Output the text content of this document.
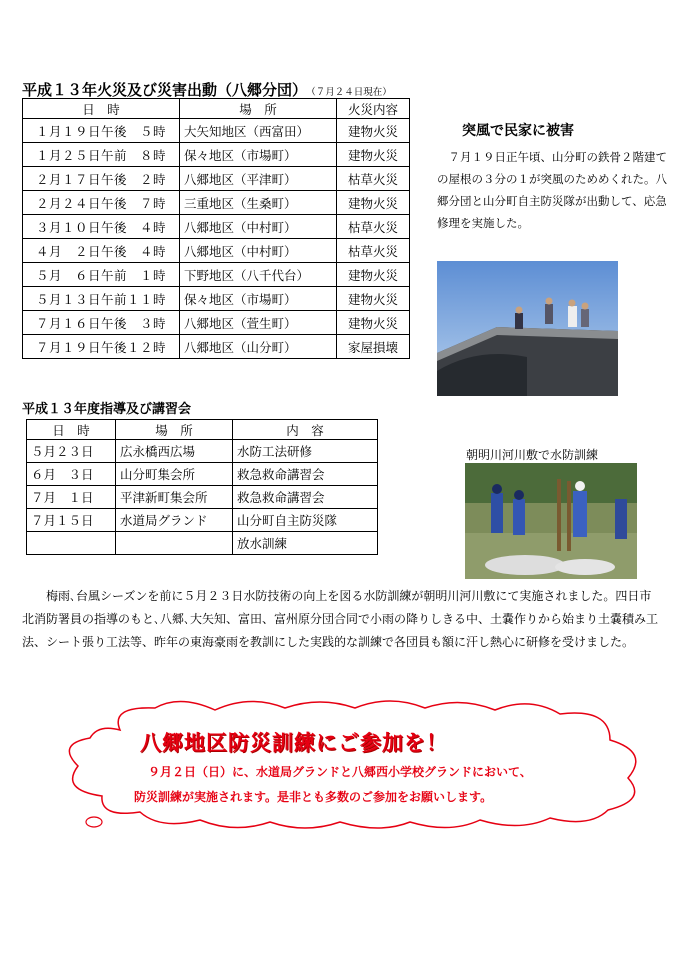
平成１３年火災及び災害出動（八郷分団） （７月２４日現在）
日　時	場　所	火災内容
１月１９日午後　５時	大矢知地区（西富田）	建物火災
１月２５日午前　８時	保々地区（市場町）	建物火災
２月１７日午後　２時	八郷地区（平津町）	枯草火災
２月２４日午後　７時	三重地区（生桑町）	建物火災
３月１０日午後　４時	八郷地区（中村町）	枯草火災
４月　２日午後　４時	八郷地区（中村町）	枯草火災
５月　６日午前　１時	下野地区（八千代台）	建物火災
５月１３日午前１１時	保々地区（市場町）	建物火災
７月１６日午後　３時	八郷地区（萱生町）	建物火災
７月１９日午後１２時	八郷地区（山分町）	家屋損壊
平成１３年度指導及び講習会
日　時	場　所	内　容
５月２３日	広永橋西広場	水防工法研修
６月　３日	山分町集会所	救急救命講習会
７月　１日	平津新町集会所	救急救命講習会
７月１５日	水道局グランド	山分町自主防災隊
		放水訓練
突風で民家に被害
　７月１９日正午頃、山分町の鉄骨２階建ての屋根の３分の１が突風のためめくれた。八郷分団と山分町自主防災隊が出動して、応急修理を実施した。
朝明川河川敷で水防訓練
　　梅雨､台風シーズンを前に５月２３日水防技術の向上を図る水防訓練が朝明川河川敷にて実施されました。四日市北消防署員の指導のもと､八郷､大矢知、富田、富州原分団合同で小雨の降りしきる中、土嚢作りから始まり土嚢積み工法、シート張り工法等、昨年の東海豪雨を教訓にした実践的な訓練で各団員も額に汗し熱心に研修を受けました。
八郷地区防災訓練にご参加を！
９月２日（日）に、水道局グランドと八郷西小学校グランドにおいて、
防災訓練が実施されます。是非とも多数のご参加をお願いします。
